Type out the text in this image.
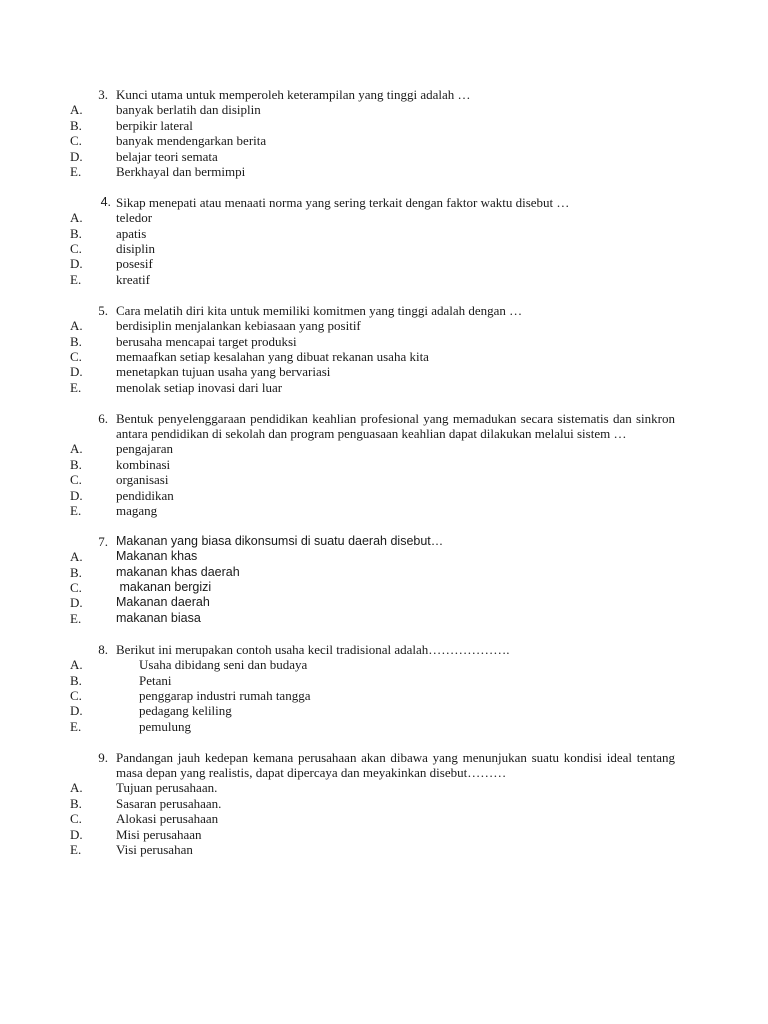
3. Kunci utama untuk memperoleh keterampilan yang tinggi adalah …
A.	banyak berlatih dan disiplin
B.	berpikir lateral
C.	banyak mendengarkan berita
D.	belajar teori semata
E.	Berkhayal dan bermimpi
4. Sikap menepati atau menaati norma yang sering terkait dengan faktor waktu disebut …
A.	teledor
B.	apatis
C.	disiplin
D.	posesif
E.	kreatif
5. Cara melatih diri kita untuk memiliki komitmen yang tinggi adalah dengan …
A.	berdisiplin menjalankan kebiasaan yang positif
B.	berusaha mencapai target produksi
C.	memaafkan setiap kesalahan yang dibuat rekanan usaha kita
D.	menetapkan tujuan usaha yang bervariasi
E.	menolak setiap inovasi dari luar
6. Bentuk penyelenggaraan pendidikan keahlian profesional yang memadukan secara sistematis dan sinkron antara pendidikan di sekolah dan program penguasaan keahlian dapat dilakukan melalui sistem …
A.	pengajaran
B.	kombinasi
C.	organisasi
D.	pendidikan
E.	magang
7. Makanan yang biasa dikonsumsi di suatu daerah disebut…
A.	Makanan khas
B.	makanan khas daerah
C.	makanan bergizi
D.	Makanan daerah
E.	makanan biasa
8. Berikut ini merupakan contoh usaha kecil tradisional adalah……………….
A.	Usaha dibidang seni dan budaya
B.	Petani
C.	penggarap industri rumah tangga
D.	pedagang keliling
E.	pemulung
9. Pandangan jauh kedepan kemana perusahaan akan dibawa yang menunjukan suatu kondisi ideal tentang masa depan yang realistis, dapat dipercaya dan meyakinkan disebut………
A.	Tujuan perusahaan.
B.	Sasaran perusahaan.
C.	Alokasi perusahaan
D.	Misi perusahaan
E.	Visi perusahan
